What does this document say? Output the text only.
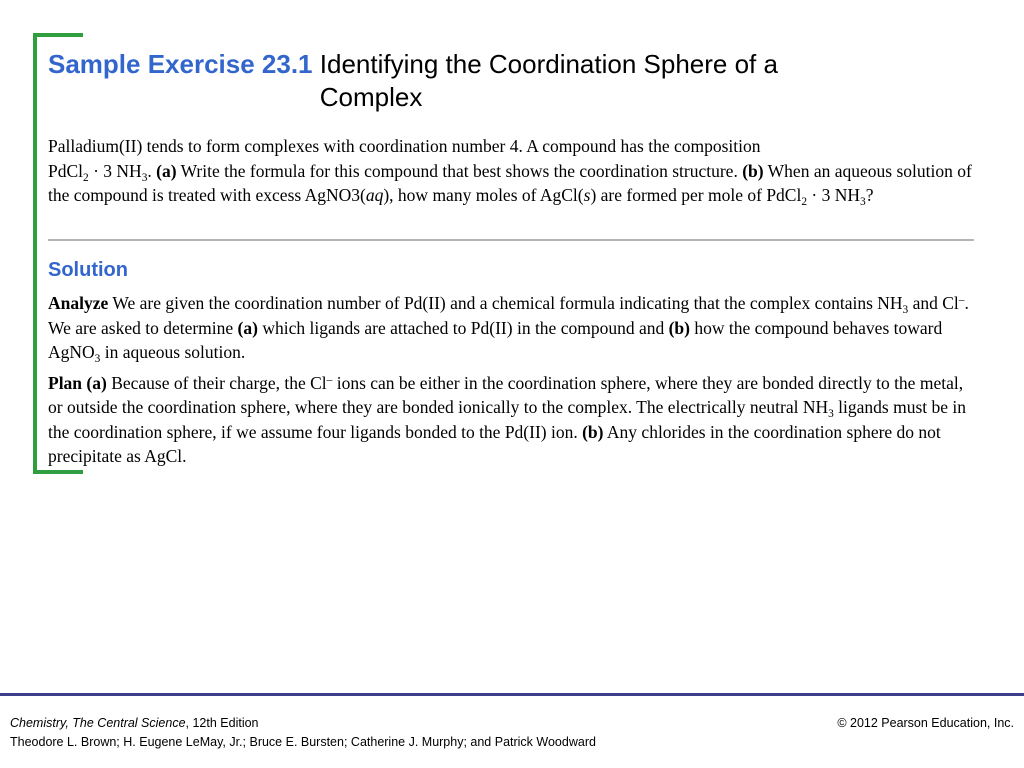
Sample Exercise 23.1 Identifying the Coordination Sphere of a Complex

Palladium(II) tends to form complexes with coordination number 4. A compound has the composition

PdCl$_2$ · 3 $NH_3$. (a) Write the formula for this compound that best shows the coordination structure. (b) When an aqueous solution of the compound is treated with excess AgNO3(aq), how many moles of AgCl(s) are formed per mole of PdCl$_2$ · 3 $NH_3$?

Solution

Analyze We are given the coordination number of Pd(II) and a chemical formula indicating that the complex contains $NH_3$ and Cl–. We are asked to determine (a) which ligands are attached to Pd(II) in the compound and (b) how the compound behaves toward AgNO$_3$ in aqueous solution.

Plan (a) Because of their charge, the Cl– ions can be either in the coordination sphere, where they are bonded directly to the metal, or outside the coordination sphere, where they are bonded ionically to the complex. The electrically neutral $NH_3$ ligands must be in the coordination sphere, if we assume four ligands bonded to the Pd(II) ion. (b) Any chlorides in the coordination sphere do not precipitate as AgCl.

Chemistry, The Central Science, 12th Edition
Theodore L. Brown; H. Eugene LeMay, Jr.; Bruce E. Bursten; Catherine J. Murphy; and Patrick Woodward
© 2012 Pearson Education, Inc.
